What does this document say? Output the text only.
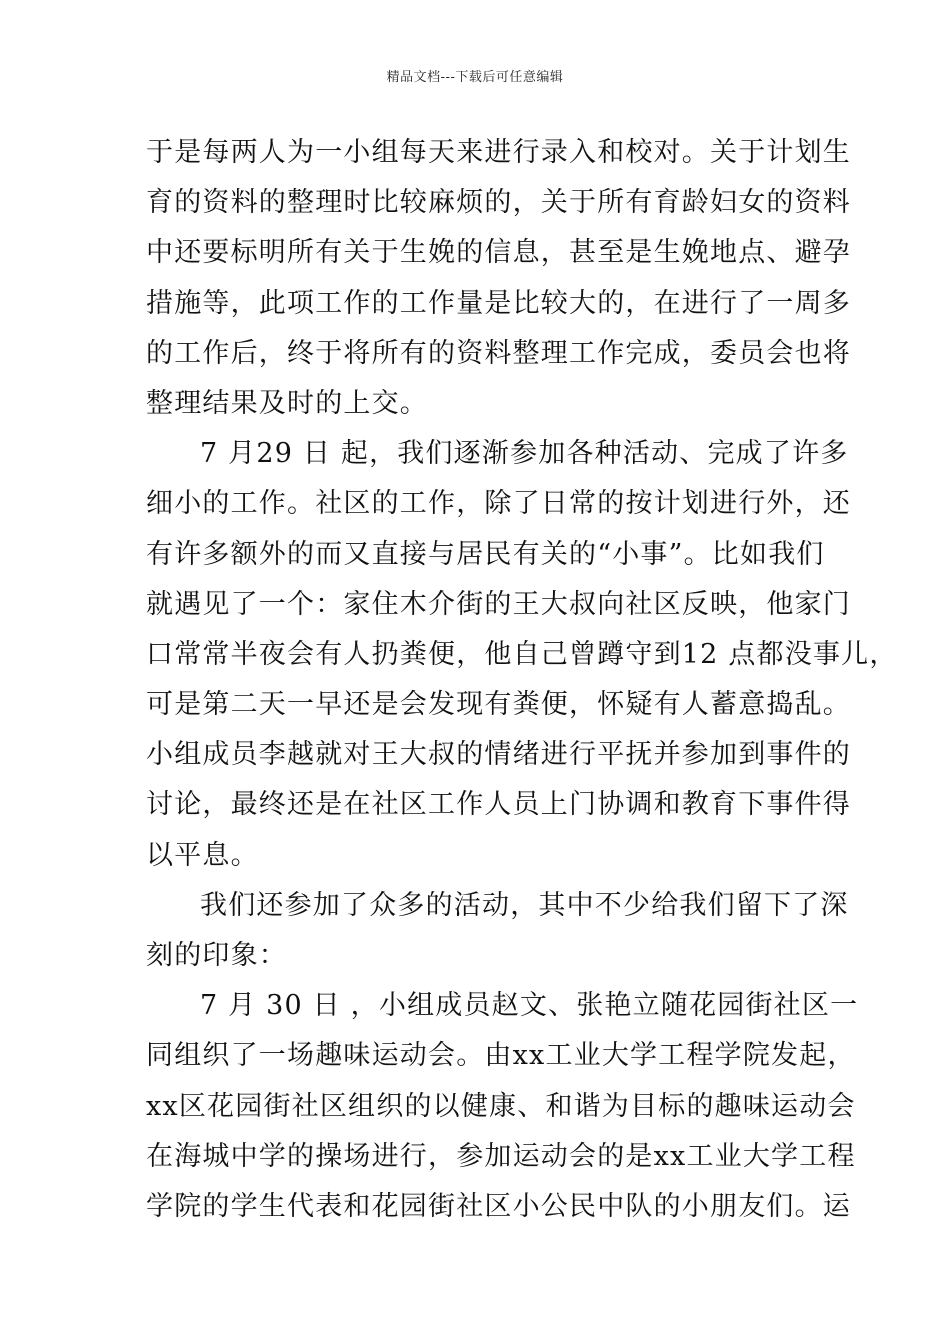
精品文档---下载后可任意编辑
于是每两人为一小组每天来进行录入和校对。关于计划生
育的资料的整理时比较麻烦的，关于所有育龄妇女的资料
中还要标明所有关于生娩的信息，甚至是生娩地点、避孕
措施等，此项工作的工作量是比较大的，在进行了一周多
的工作后，终于将所有的资料整理工作完成，委员会也将
整理结果及时的上交。
7 月29 日 起，我们逐渐参加各种活动、完成了许多
细小的工作。社区的工作，除了日常的按计划进行外，还
有许多额外的而又直接与居民有关的“小事”。比如我们
就遇见了一个：家住木介街的王大叔向社区反映，他家门
口常常半夜会有人扔粪便，他自己曾蹲守到12 点都没事儿，
可是第二天一早还是会发现有粪便，怀疑有人蓄意捣乱。
小组成员李越就对王大叔的情绪进行平抚并参加到事件的
讨论，最终还是在社区工作人员上门协调和教育下事件得
以平息。
我们还参加了众多的活动，其中不少给我们留下了深
刻的印象：
7 月 30 日 ，小组成员赵文、张艳立随花园街社区一
同组织了一场趣味运动会。由xx工业大学工程学院发起，
xx区花园街社区组织的以健康、和谐为目标的趣味运动会
在海城中学的操场进行，参加运动会的是xx工业大学工程
学院的学生代表和花园街社区小公民中队的小朋友们。运
